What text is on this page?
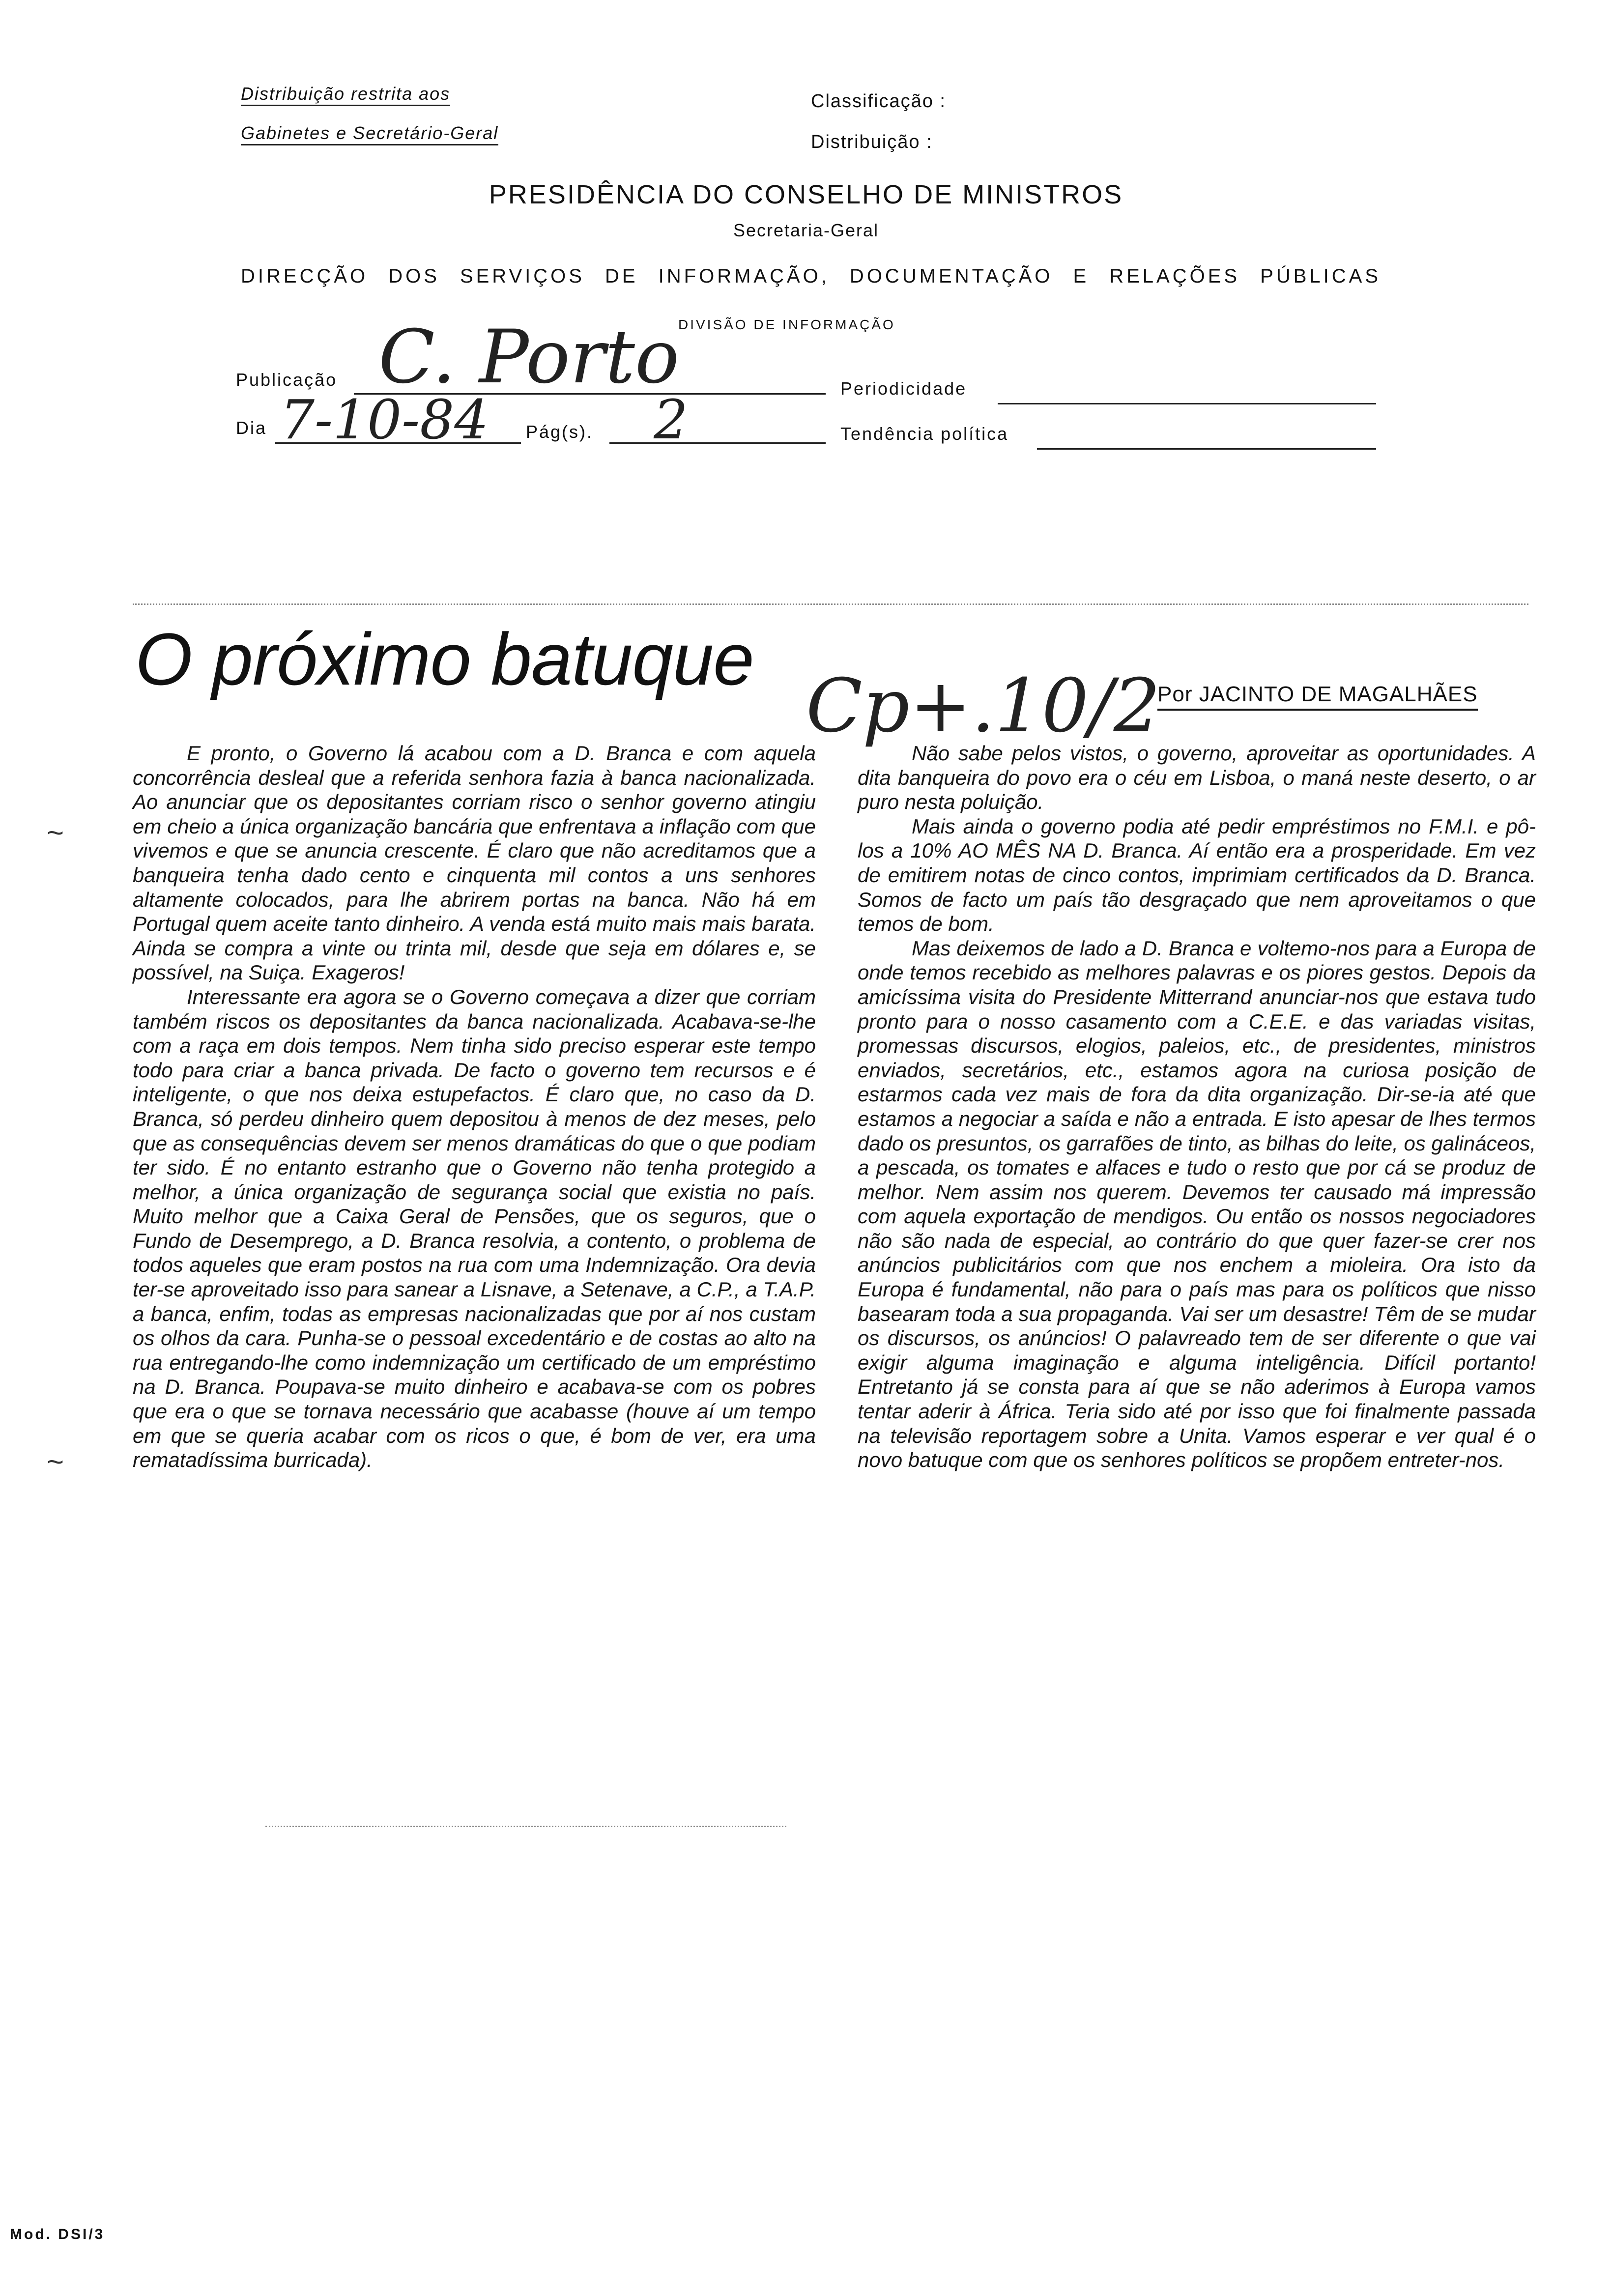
Distribuição restrita aos
Gabinetes e Secretário-Geral
Classificação :
Distribuição :
PRESIDÊNCIA DO CONSELHO DE MINISTROS
Secretaria-Geral
DIRECÇÃO DOS SERVIÇOS DE INFORMAÇÃO, DOCUMENTAÇÃO E RELAÇÕES PÚBLICAS
DIVISÃO DE INFORMAÇÃO
Publicação C. Porto
Dia 7-10-84 Pág(s). 2	Periodicidade
Tendência política
O próximo batuque
Cp+.10/2
Por JACINTO DE MAGALHÃES

E pronto, o Governo lá acabou com a D. Branca e com aquela concorrência desleal que a referida senhora fazia à banca nacionalizada. Ao anunciar que os depositantes corriam risco o senhor governo atingiu em cheio a única organização bancária que enfrentava a inflação com que vivemos e que se anuncia crescente. É claro que não acreditamos que a banqueira tenha dado cento e cinquenta mil contos a uns senhores altamente colocados, para lhe abrirem portas na banca. Não há em Portugal quem aceite tanto dinheiro. A venda está muito mais mais barata. Ainda se compra a vinte ou trinta mil, desde que seja em dólares e, se possível, na Suiça. Exageros!

Interessante era agora se o Governo começava a dizer que corriam também riscos os depositantes da banca nacionalizada. Acabava-se-lhe com a raça em dois tempos. Nem tinha sido preciso esperar este tempo todo para criar a banca privada. De facto o governo tem recursos e é inteligente, o que nos deixa estupefactos. É claro que, no caso da D. Branca, só perdeu dinheiro quem depositou à menos de dez meses, pelo que as consequências devem ser menos dramáticas do que o que podiam ter sido. É no entanto estranho que o Governo não tenha protegido a melhor, a única organização de segurança social que existia no país. Muito melhor que a Caixa Geral de Pensões, que os seguros, que o Fundo de Desemprego, a D. Branca resolvia, a contento, o problema de todos aqueles que eram postos na rua com uma Indemnização. Ora devia ter-se aproveitado isso para sanear a Lisnave, a Setenave, a C.P., a T.A.P. a banca, enfim, todas as empresas nacionalizadas que por aí nos custam os olhos da cara. Punha-se o pessoal excedentário e de costas ao alto na rua entregando-lhe como indemnização um certificado de um empréstimo na D. Branca. Poupava-se muito dinheiro e acabava-se com os pobres que era o que se tornava necessário que acabasse (houve aí um tempo em que se queria acabar com os ricos o que, é bom de ver, era uma rematadíssima burricada).

Não sabe pelos vistos, o governo, aproveitar as oportunidades. A dita banqueira do povo era o céu em Lisboa, o maná neste deserto, o ar puro nesta poluição.

Mais ainda o governo podia até pedir empréstimos no F.M.I. e pô-los a 10% AO MÊS NA D. Branca. Aí então era a prosperidade. Em vez de emitirem notas de cinco contos, imprimiam certificados da D. Branca. Somos de facto um país tão desgraçado que nem aproveitamos o que temos de bom.

Mas deixemos de lado a D. Branca e voltemo-nos para a Europa de onde temos recebido as melhores palavras e os piores gestos. Depois da amicíssima visita do Presidente Mitterrand anunciar-nos que estava tudo pronto para o nosso casamento com a C.E.E. e das variadas visitas, promessas discursos, elogios, paleios, etc., de presidentes, ministros enviados, secretários, etc., estamos agora na curiosa posição de estarmos cada vez mais de fora da dita organização. Dir-se-ia até que estamos a negociar a saída e não a entrada. E isto apesar de lhes termos dado os presuntos, os garrafões de tinto, as bilhas do leite, os galináceos, a pescada, os tomates e alfaces e tudo o resto que por cá se produz de melhor. Nem assim nos querem. Devemos ter causado má impressão com aquela exportação de mendigos. Ou então os nossos negociadores não são nada de especial, ao contrário do que quer fazer-se crer nos anúncios publicitários com que nos enchem a mioleira. Ora isto da Europa é fundamental, não para o país mas para os políticos que nisso basearam toda a sua propaganda. Vai ser um desastre! Têm de se mudar os discursos, os anúncios! O palavreado tem de ser diferente o que vai exigir alguma imaginação e alguma inteligência. Difícil portanto! Entretanto já se consta para aí que se não aderimos à Europa vamos tentar aderir à África. Teria sido até por isso que foi finalmente passada na televisão reportagem sobre a Unita. Vamos esperar e ver qual é o novo batuque com que os senhores políticos se propõem entreter-nos.

~
~
Mod. DSI/3
